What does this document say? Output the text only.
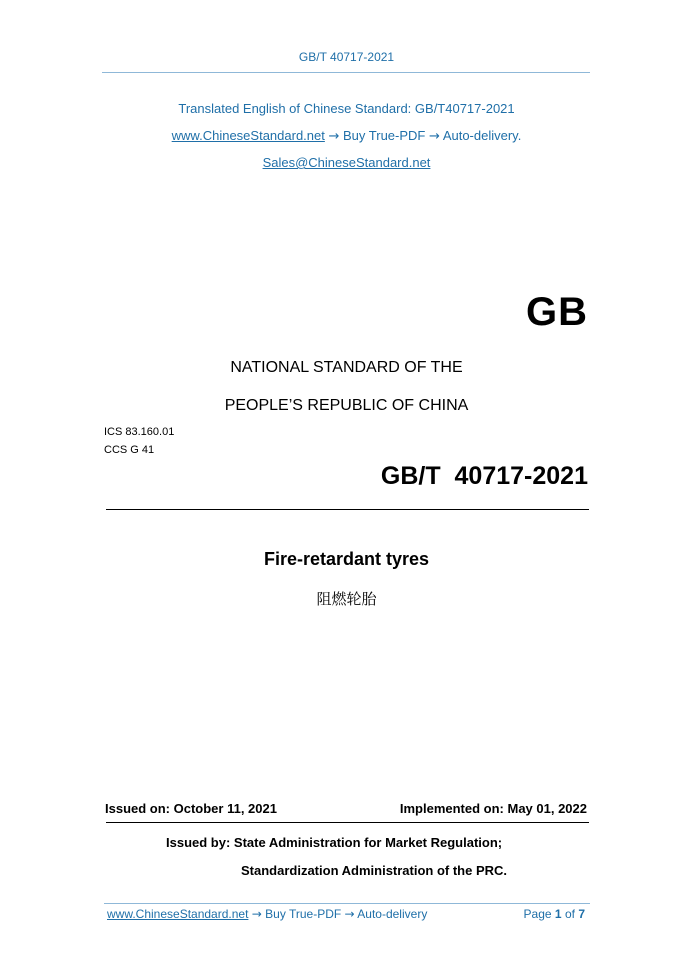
GB/T 40717-2021
Translated English of Chinese Standard: GB/T40717-2021
www.ChineseStandard.net → Buy True-PDF → Auto-delivery.
Sales@ChineseStandard.net
GB
NATIONAL STANDARD OF THE
PEOPLE’S REPUBLIC OF CHINA
ICS 83.160.01
CCS G 41
GB/T  40717-2021
Fire-retardant tyres
阻燃轮胎
Issued on: October 11, 2021	Implemented on: May 01, 2022
Issued by: State Administration for Market Regulation;
Standardization Administration of the PRC.
www.ChineseStandard.net → Buy True-PDF → Auto-delivery	Page 1 of 7
